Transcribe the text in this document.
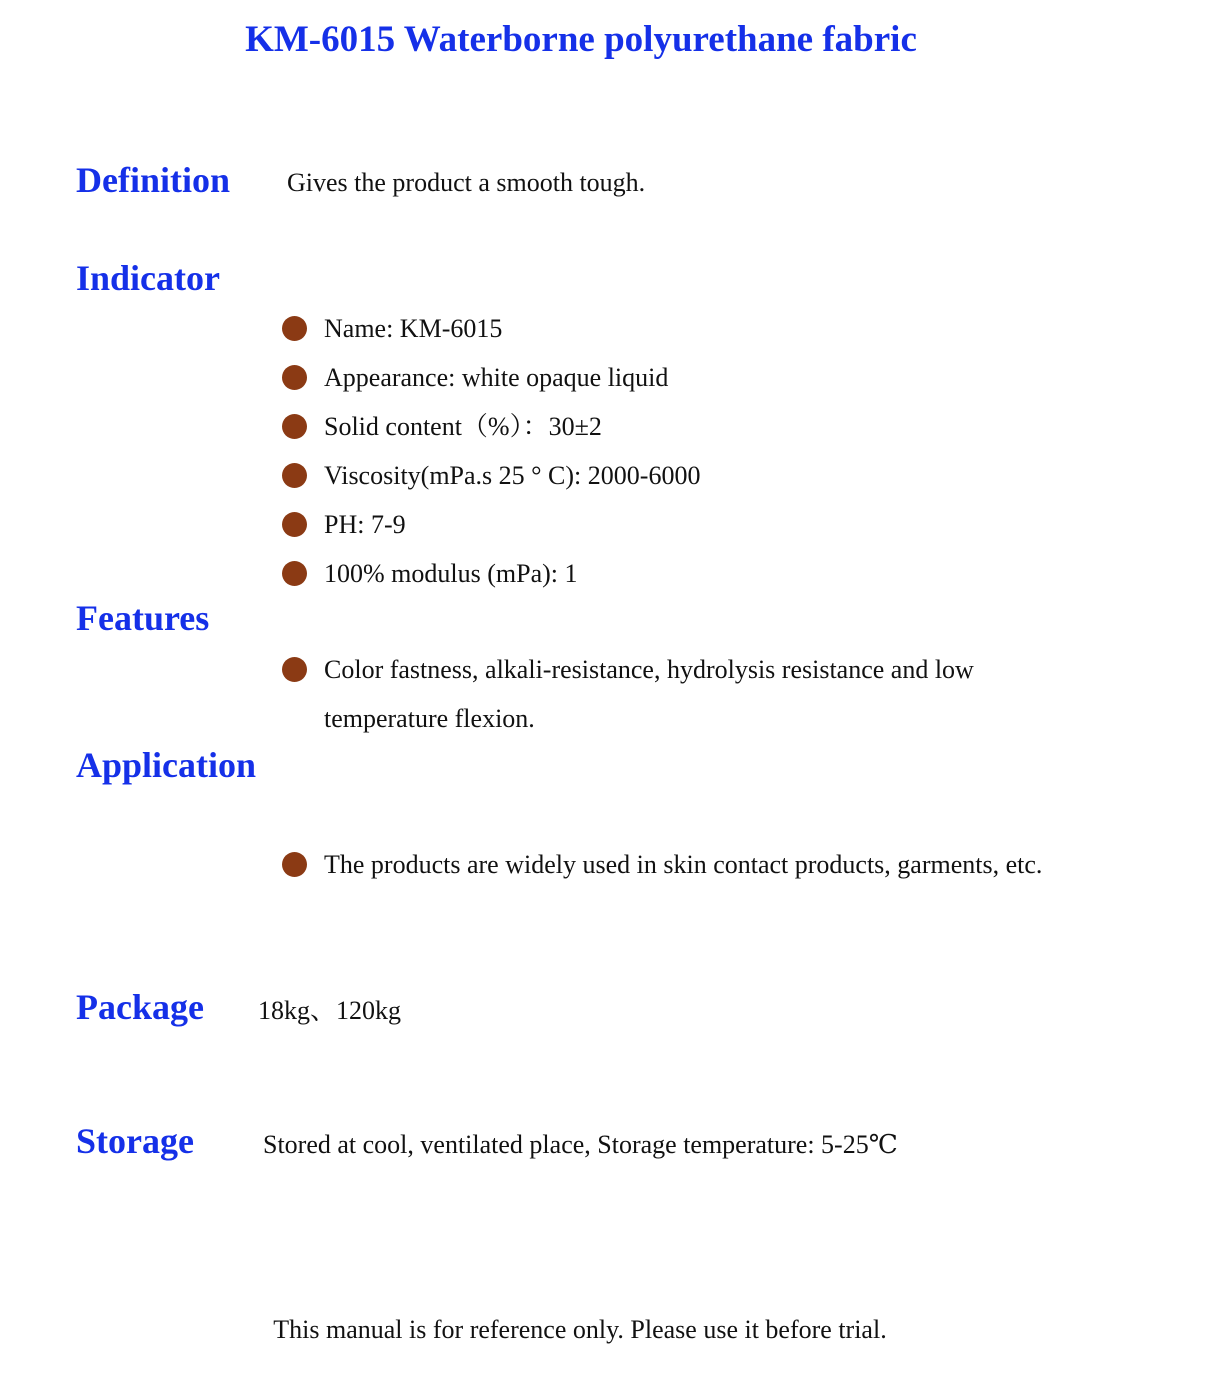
KM-6015 Waterborne polyurethane fabric
Definition Gives the product a smooth tough.
Indicator
Name: KM-6015
Appearance: white opaque liquid
Solid content（%）：30±2
Viscosity(mPa.s 25 ° C): 2000-6000
PH: 7-9
100% modulus (mPa): 1
Features
Color fastness, alkali-resistance, hydrolysis resistance and low temperature flexion.
Application
The products are widely used in skin contact products, garments, etc.
Package 18kg、120kg
Storage	Stored at cool, ventilated place, Storage temperature: 5-25℃
This manual is for reference only. Please use it before trial.
